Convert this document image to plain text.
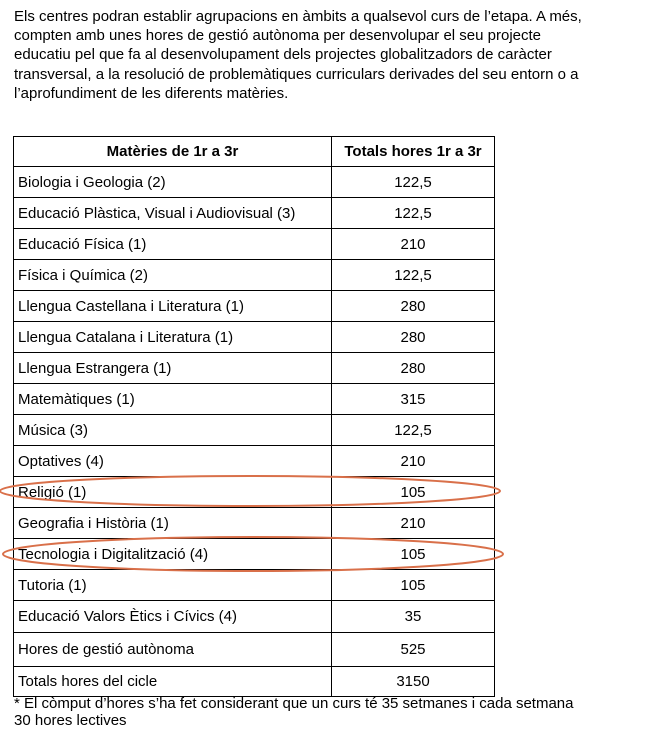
Els centres podran establir agrupacions en àmbits a qualsevol curs de l’etapa. A més,
compten amb unes hores de gestió autònoma per desenvolupar el seu projecte
educatiu pel que fa al desenvolupament dels projectes globalitzadors de caràcter
transversal, a la resolució de problemàtiques curriculars derivades del seu entorn o a
l’aprofundiment de les diferents matèries.
Matèries de 1r a 3r	Totals hores 1r a 3r
Biologia i Geologia (2)	122,5
Educació Plàstica, Visual i Audiovisual (3)	122,5
Educació Física (1)	210
Física i Química (2)	122,5
Llengua Castellana i Literatura (1)	280
Llengua Catalana i Literatura (1)	280
Llengua Estrangera (1)	280
Matemàtiques (1)	315
Música (3)	122,5
Optatives (4)	210
Religió (1)	105
Geografia i Història (1)	210
Tecnologia i Digitalització (4)	105
Tutoria (1)	105
Educació Valors Ètics i Cívics (4)	35
Hores de gestió autònoma	525
Totals hores del cicle	3150
* El còmput d’hores s’ha fet considerant que un curs té 35 setmanes i cada setmana
30 hores lectives
